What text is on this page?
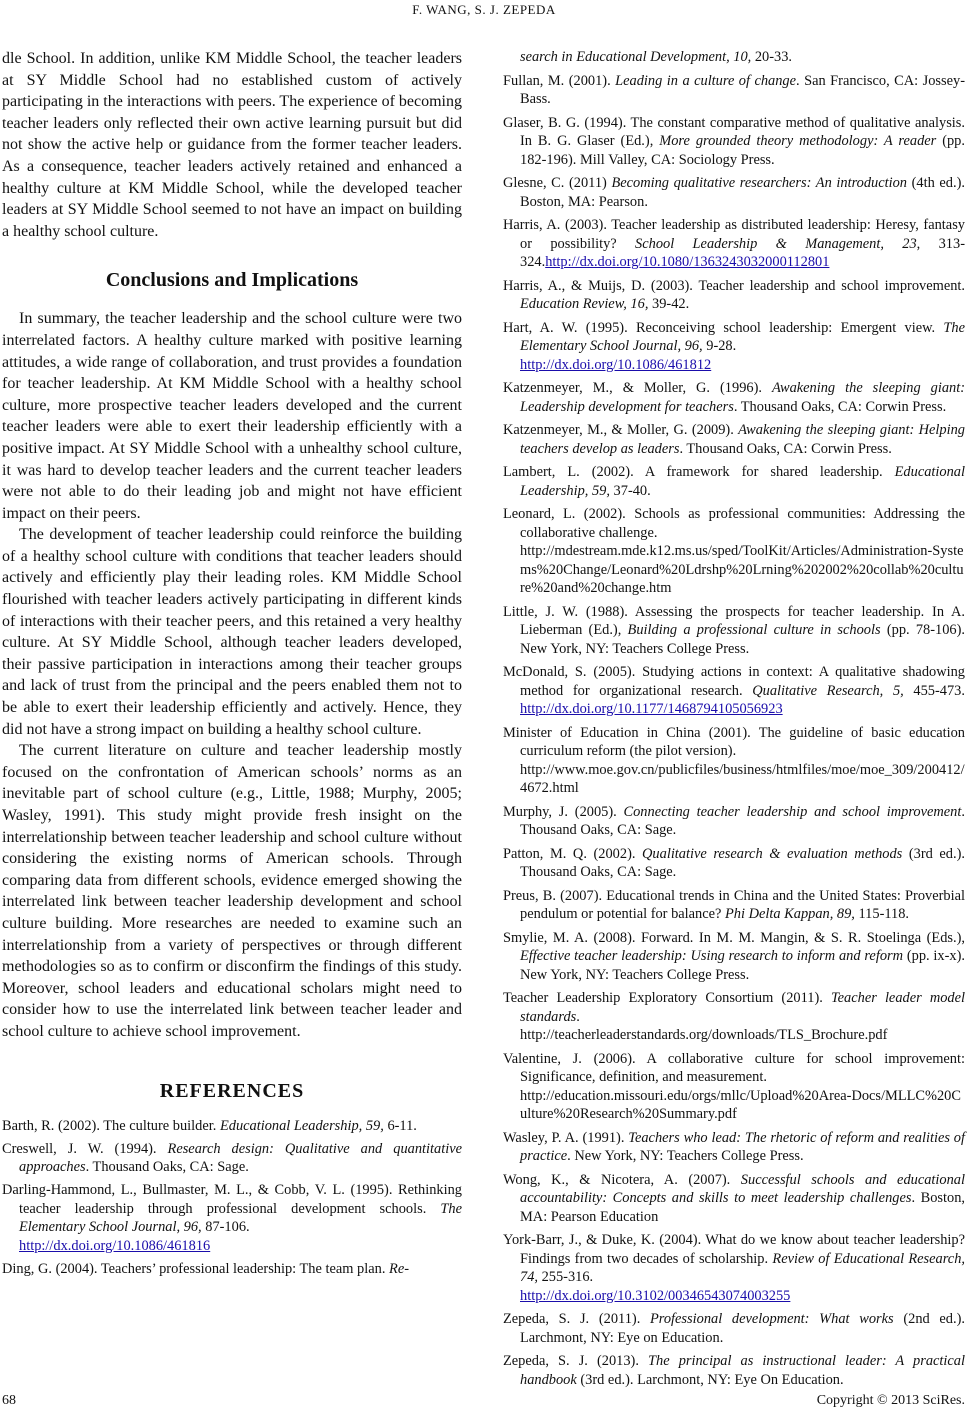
F. WANG, S. J. ZEPEDA

dle School. In addition, unlike KM Middle School, the teacher leaders at SY Middle School had no established custom of actively participating in the interactions with peers. The experience of becoming teacher leaders only reflected their own active learning pursuit but did not show the active help or guidance from the former teacher leaders. As a consequence, teacher leaders actively retained and enhanced a healthy culture at KM Middle School, while the developed teacher leaders at SY Middle School seemed to not have an impact on building a healthy school culture.

Conclusions and Implications

In summary, the teacher leadership and the school culture were two interrelated factors. A healthy culture marked with positive learning attitudes, a wide range of collaboration, and trust provides a foundation for teacher leadership. At KM Middle School with a healthy school culture, more prospective teacher leaders developed and the current teacher leaders were able to exert their leadership efficiently with a positive impact. At SY Middle School with a unhealthy school culture, it was hard to develop teacher leaders and the current teacher leaders were not able to do their leading job and might not have efficient impact on their peers.

The development of teacher leadership could reinforce the building of a healthy school culture with conditions that teacher leaders should actively and efficiently play their leading roles. KM Middle School flourished with teacher leaders actively participating in different kinds of interactions with their teacher peers, and this retained a very healthy culture. At SY Middle School, although teacher leaders developed, their passive participation in interactions among their teacher groups and lack of trust from the principal and the peers enabled them not to be able to exert their leadership efficiently and actively. Hence, they did not have a strong impact on building a healthy school culture.

The current literature on culture and teacher leadership mostly focused on the confrontation of American schools’ norms as an inevitable part of school culture (e.g., Little, 1988; Murphy, 2005; Wasley, 1991). This study might provide fresh insight on the interrelationship between teacher leadership and school culture without considering the existing norms of American schools. Through comparing data from different schools, evidence emerged showing the interrelated link between teacher leadership development and school culture building. More researches are needed to examine such an interrelationship from a variety of perspectives or through different methodologies so as to confirm or disconfirm the findings of this study. Moreover, school leaders and educational scholars might need to consider how to use the interrelated link between teacher leader and school culture to achieve school improvement.

REFERENCES
Barth, R. (2002). The culture builder. Educational Leadership, 59, 6-11.
Creswell, J. W. (1994). Research design: Qualitative and quantitative approaches. Thousand Oaks, CA: Sage.
Darling-Hammond, L., Bullmaster, M. L., & Cobb, V. L. (1995). Rethinking teacher leadership through professional development schools. The Elementary School Journal, 96, 87-106.
http://dx.doi.org/10.1086/461816
Ding, G. (2004). Teachers’ professional leadership: The team plan. Re-
search in Educational Development, 10, 20-33.
Fullan, M. (2001). Leading in a culture of change. San Francisco, CA: Jossey-Bass.
Glaser, B. G. (1994). The constant comparative method of qualitative analysis. In B. G. Glaser (Ed.), More grounded theory methodology: A reader (pp. 182-196). Mill Valley, CA: Sociology Press.
Glesne, C. (2011) Becoming qualitative researchers: An introduction (4th ed.). Boston, MA: Pearson.
Harris, A. (2003). Teacher leadership as distributed leadership: Heresy, fantasy or possibility? School Leadership & Management, 23, 313-324.http://dx.doi.org/10.1080/1363243032000112801
Harris, A., & Muijs, D. (2003). Teacher leadership and school improvement. Education Review, 16, 39-42.
Hart, A. W. (1995). Reconceiving school leadership: Emergent view. The Elementary School Journal, 96, 9-28.
http://dx.doi.org/10.1086/461812
Katzenmeyer, M., & Moller, G. (1996). Awakening the sleeping giant: Leadership development for teachers. Thousand Oaks, CA: Corwin Press.
Katzenmeyer, M., & Moller, G. (2009). Awakening the sleeping giant: Helping teachers develop as leaders. Thousand Oaks, CA: Corwin Press.
Lambert, L. (2002). A framework for shared leadership. Educational Leadership, 59, 37-40.
Leonard, L. (2002). Schools as professional communities: Addressing the collaborative challenge.
http://mdestream.mde.k12.ms.us/sped/ToolKit/Articles/Administration-Systems%20Change/Leonard%20Ldrshp%20Lrning%202002%20collab%20culture%20and%20change.htm
Little, J. W. (1988). Assessing the prospects for teacher leadership. In A. Lieberman (Ed.), Building a professional culture in schools (pp. 78-106). New York, NY: Teachers College Press.
McDonald, S. (2005). Studying actions in context: A qualitative shadowing method for organizational research. Qualitative Research, 5, 455-473. http://dx.doi.org/10.1177/1468794105056923
Minister of Education in China (2001). The guideline of basic education curriculum reform (the pilot version).
http://www.moe.gov.cn/publicfiles/business/htmlfiles/moe/moe_309/200412/4672.html
Murphy, J. (2005). Connecting teacher leadership and school improvement. Thousand Oaks, CA: Sage.
Patton, M. Q. (2002). Qualitative research & evaluation methods (3rd ed.). Thousand Oaks, CA: Sage.
Preus, B. (2007). Educational trends in China and the United States: Proverbial pendulum or potential for balance? Phi Delta Kappan, 89, 115-118.
Smylie, M. A. (2008). Forward. In M. M. Mangin, & S. R. Stoelinga (Eds.), Effective teacher leadership: Using research to inform and reform (pp. ix-x). New York, NY: Teachers College Press.
Teacher Leadership Exploratory Consortium (2011). Teacher leader model standards.
http://teacherleaderstandards.org/downloads/TLS_Brochure.pdf
Valentine, J. (2006). A collaborative culture for school improvement: Significance, definition, and measurement.
http://education.missouri.edu/orgs/mllc/Upload%20Area-Docs/MLLC%20Culture%20Research%20Summary.pdf
Wasley, P. A. (1991). Teachers who lead: The rhetoric of reform and realities of practice. New York, NY: Teachers College Press.
Wong, K., & Nicotera, A. (2007). Successful schools and educational accountability: Concepts and skills to meet leadership challenges. Boston, MA: Pearson Education
York-Barr, J., & Duke, K. (2004). What do we know about teacher leadership? Findings from two decades of scholarship. Review of Educational Research, 74, 255-316.
http://dx.doi.org/10.3102/00346543074003255
Zepeda, S. J. (2011). Professional development: What works (2nd ed.). Larchmont, NY: Eye on Education.
Zepeda, S. J. (2013). The principal as instructional leader: A practical handbook (3rd ed.). Larchmont, NY: Eye On Education.
68	Copyright © 2013 SciRes.
